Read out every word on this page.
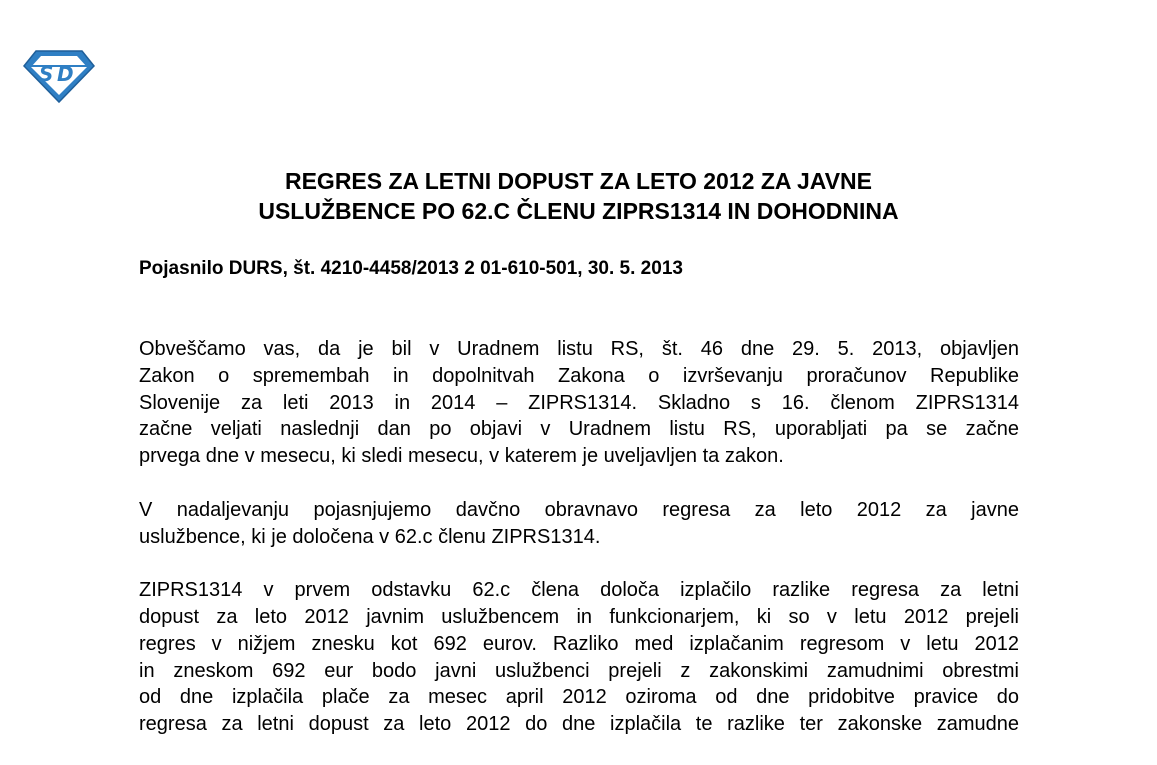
S D
REGRES ZA LETNI DOPUST ZA LETO 2012 ZA JAVNE
USLUŽBENCE PO 62.C ČLENU ZIPRS1314 IN DOHODNINA
Pojasnilo DURS, št. 4210-4458/2013 2 01-610-501, 30. 5. 2013

Obveščamo vas, da je bil v Uradnem listu RS, št. 46 dne 29. 5. 2013, objavljen
Zakon o spremembah in dopolnitvah Zakona o izvrševanju proračunov Republike
Slovenije za leti 2013 in 2014 – ZIPRS1314. Skladno s 16. členom ZIPRS1314
začne veljati naslednji dan po objavi v Uradnem listu RS, uporabljati pa se začne
prvega dne v mesecu, ki sledi mesecu, v katerem je uveljavljen ta zakon.

V nadaljevanju pojasnjujemo davčno obravnavo regresa za leto 2012 za javne
uslužbence, ki je določena v 62.c členu ZIPRS1314.

ZIPRS1314 v prvem odstavku 62.c člena določa izplačilo razlike regresa za letni
dopust za leto 2012 javnim uslužbencem in funkcionarjem, ki so v letu 2012 prejeli
regres v nižjem znesku kot 692 eurov. Razliko med izplačanim regresom v letu 2012
in zneskom 692 eur bodo javni uslužbenci prejeli z zakonskimi zamudnimi obrestmi
od dne izplačila plače za mesec april 2012 oziroma od dne pridobitve pravice do
regresa za letni dopust za leto 2012 do dne izplačila te razlike ter zakonske zamudne
